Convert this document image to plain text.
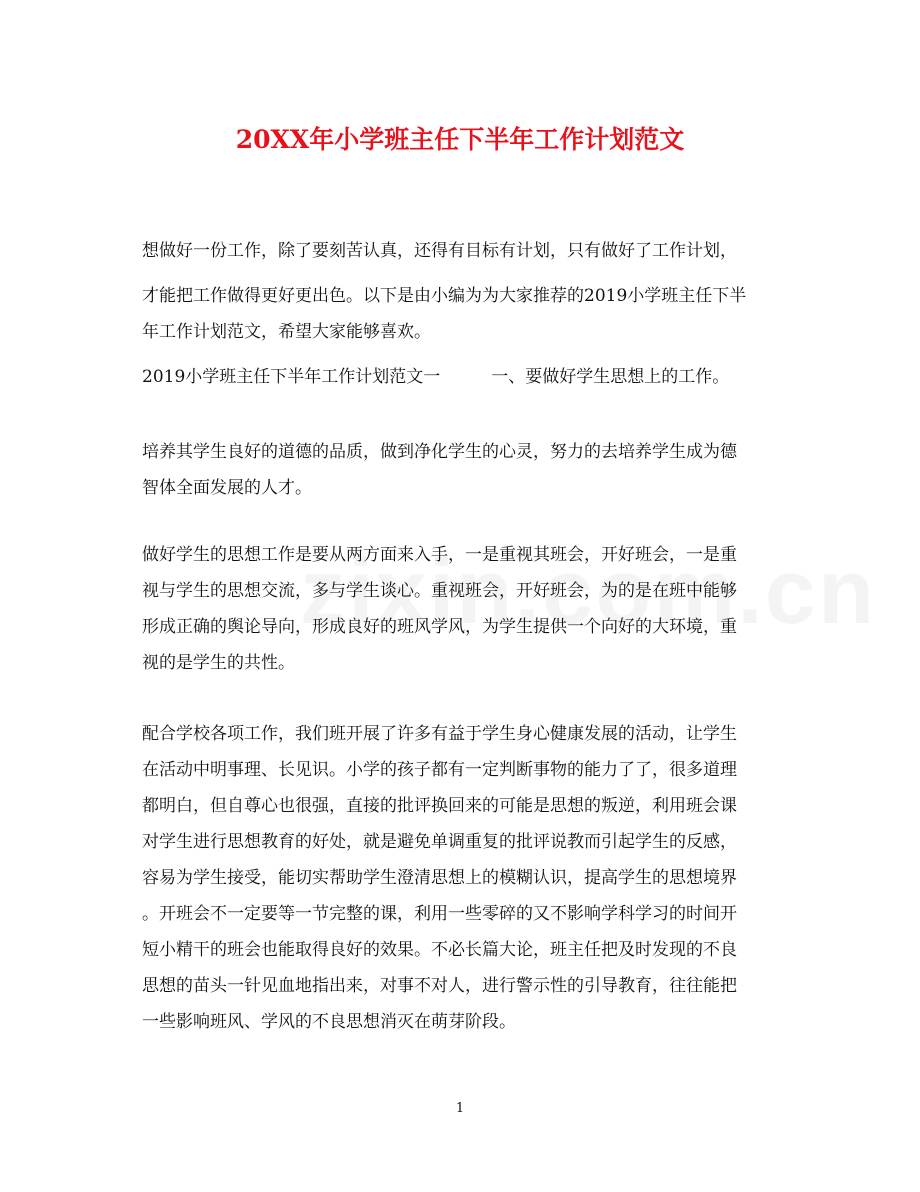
20XX年小学班主任下半年工作计划范文
想做好一份工作，除了要刻苦认真，还得有目标有计划，只有做好了工作计划，
才能把工作做得更好更出色。以下是由小编为为大家推荐的2019小学班主任下半
年工作计划范文，希望大家能够喜欢。
2019小学班主任下半年工作计划范文一　　　一、要做好学生思想上的工作。
培养其学生良好的道德的品质，做到净化学生的心灵，努力的去培养学生成为德
智体全面发展的人才。
做好学生的思想工作是要从两方面来入手，一是重视其班会，开好班会，一是重
视与学生的思想交流，多与学生谈心。重视班会，开好班会，为的是在班中能够
形成正确的舆论导向，形成良好的班风学风，为学生提供一个向好的大环境，重
视的是学生的共性。
配合学校各项工作，我们班开展了许多有益于学生身心健康发展的活动，让学生
在活动中明事理、长见识。小学的孩子都有一定判断事物的能力了了，很多道理
都明白，但自尊心也很强，直接的批评换回来的可能是思想的叛逆，利用班会课
对学生进行思想教育的好处，就是避免单调重复的批评说教而引起学生的反感，
容易为学生接受，能切实帮助学生澄清思想上的模糊认识，提高学生的思想境界
。开班会不一定要等一节完整的课，利用一些零碎的又不影响学科学习的时间开
短小精干的班会也能取得良好的效果。不必长篇大论，班主任把及时发现的不良
思想的苗头一针见血地指出来，对事不对人，进行警示性的引导教育，往往能把
一些影响班风、学风的不良思想消灭在萌芽阶段。
1
